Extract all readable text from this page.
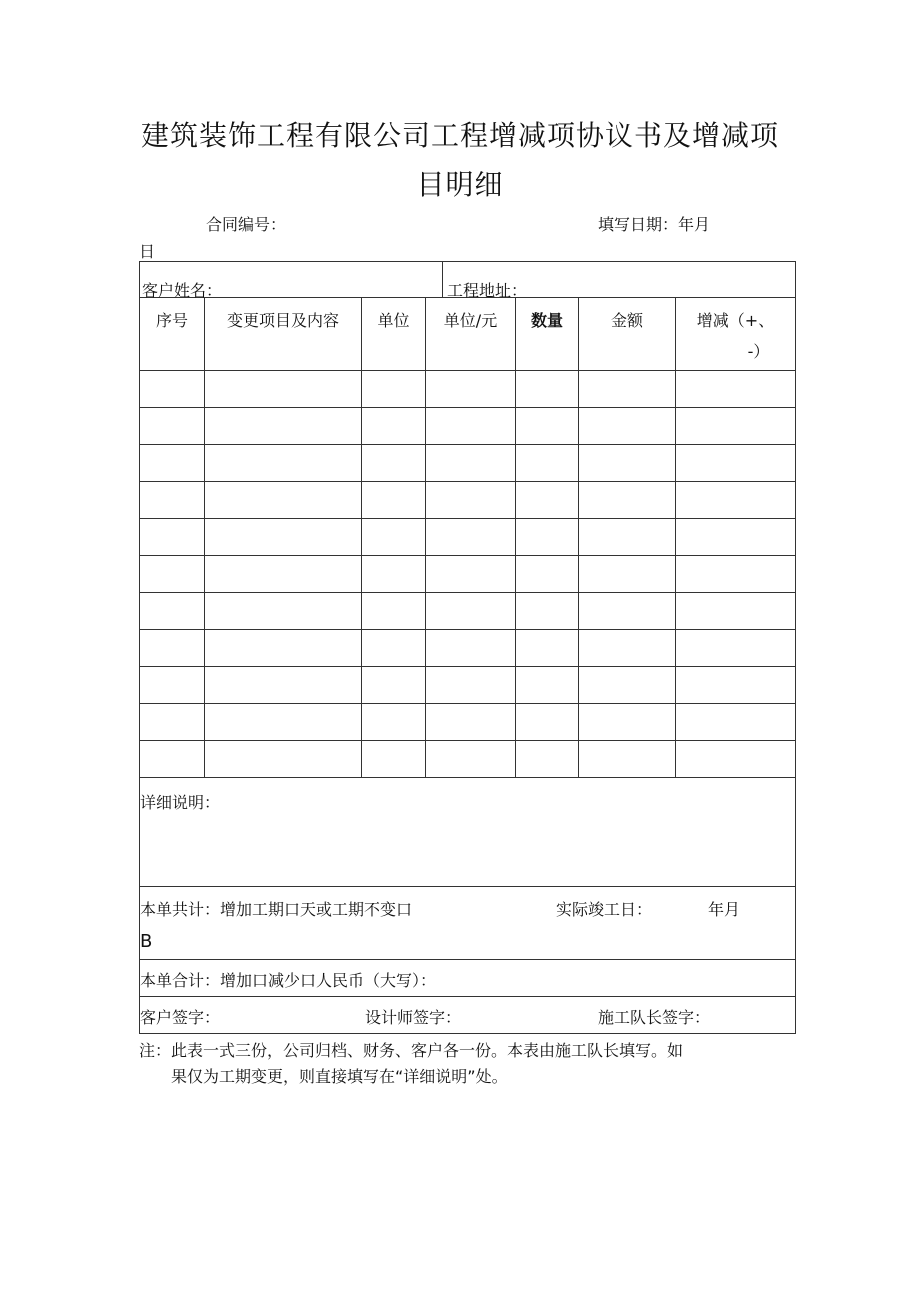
建筑装饰工程有限公司工程增减项协议书及增减项
目明细
合同编号：	填写日期：年月
日
客户姓名： 工程地址：						

序号	变更项目及内容	单位	单位/元	数量	金额	增减（+、
-）

详细说明：						

本单共计：增加工期口天或工期不变口 实际竣工日： 年月
B						

本单合计：增加口减少口人民币（大写）：						

客户签字： 设计师签字： 施工队长签字：						
注：此表一式三份，公司归档、财务、客户各一份。本表由施工队长填写。如
果仅为工期变更，则直接填写在“详细说明”处。
